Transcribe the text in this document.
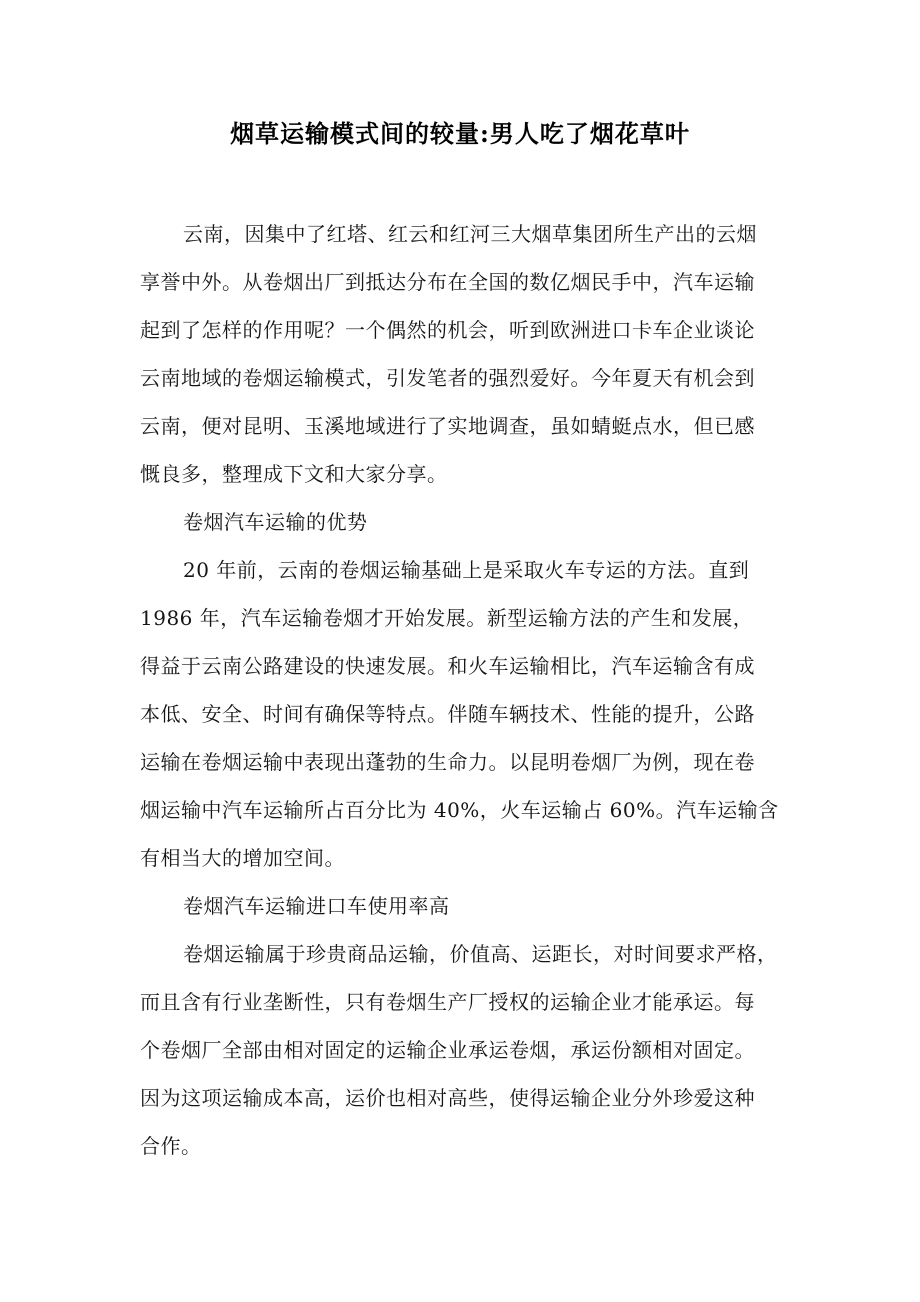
烟草运输模式间的较量:男人吃了烟花草叶
云南，因集中了红塔、红云和红河三大烟草集团所生产出的云烟
享誉中外。从卷烟出厂到抵达分布在全国的数亿烟民手中，汽车运输
起到了怎样的作用呢？一个偶然的机会，听到欧洲进口卡车企业谈论
云南地域的卷烟运输模式，引发笔者的强烈爱好。今年夏天有机会到
云南，便对昆明、玉溪地域进行了实地调查，虽如蜻蜓点水，但已感
慨良多，整理成下文和大家分享。
卷烟汽车运输的优势
20 年前，云南的卷烟运输基础上是采取火车专运的方法。直到
1986 年，汽车运输卷烟才开始发展。新型运输方法的产生和发展，
得益于云南公路建设的快速发展。和火车运输相比，汽车运输含有成
本低、安全、时间有确保等特点。伴随车辆技术、性能的提升，公路
运输在卷烟运输中表现出蓬勃的生命力。以昆明卷烟厂为例，现在卷
烟运输中汽车运输所占百分比为 40%，火车运输占 60%。汽车运输含
有相当大的增加空间。
卷烟汽车运输进口车使用率高
卷烟运输属于珍贵商品运输，价值高、运距长，对时间要求严格，
而且含有行业垄断性，只有卷烟生产厂授权的运输企业才能承运。每
个卷烟厂全部由相对固定的运输企业承运卷烟，承运份额相对固定。
因为这项运输成本高，运价也相对高些，使得运输企业分外珍爱这种
合作。
